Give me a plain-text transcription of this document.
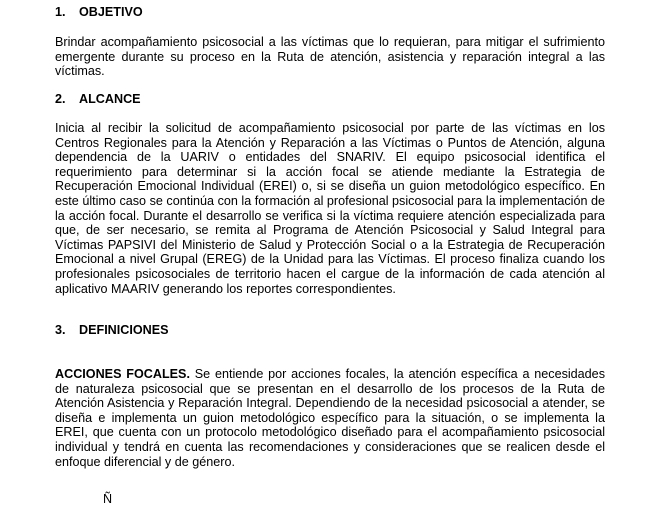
1. OBJETIVO
Brindar acompañamiento psicosocial a las víctimas que lo requieran, para mitigar el sufrimiento emergente durante su proceso en la Ruta de atención, asistencia y reparación integral a las víctimas.
2. ALCANCE
Inicia al recibir la solicitud de acompañamiento psicosocial por parte de las víctimas en los Centros Regionales para la Atención y Reparación a las Víctimas o Puntos de Atención, alguna dependencia de la UARIV o entidades del SNARIV. El equipo psicosocial identifica el requerimiento para determinar si la acción focal se atiende mediante la Estrategia de Recuperación Emocional Individual (EREI) o, si se diseña un guion metodológico específico. En este último caso se continúa con la formación al profesional psicosocial para la implementación de la acción focal. Durante el desarrollo se verifica si la víctima requiere atención especializada para que, de ser necesario, se remita al Programa de Atención Psicosocial y Salud Integral para Víctimas PAPSIVI del Ministerio de Salud y Protección Social o a la Estrategia de Recuperación Emocional a nivel Grupal (EREG) de la Unidad para las Víctimas. El proceso finaliza cuando los profesionales psicosociales de territorio hacen el cargue de la información de cada atención al aplicativo MAARIV generando los reportes correspondientes.
3. DEFINICIONES
ACCIONES FOCALES. Se entiende por acciones focales, la atención específica a necesidades de naturaleza psicosocial que se presentan en el desarrollo de los procesos de la Ruta de Atención Asistencia y Reparación Integral. Dependiendo de la necesidad psicosocial a atender, se diseña e implementa un guion metodológico específico para la situación, o se implementa la EREI, que cuenta con un protocolo metodológico diseñado para el acompañamiento psicosocial individual y tendrá en cuenta las recomendaciones y consideraciones que se realicen desde el enfoque diferencial y de género.
Ñ
